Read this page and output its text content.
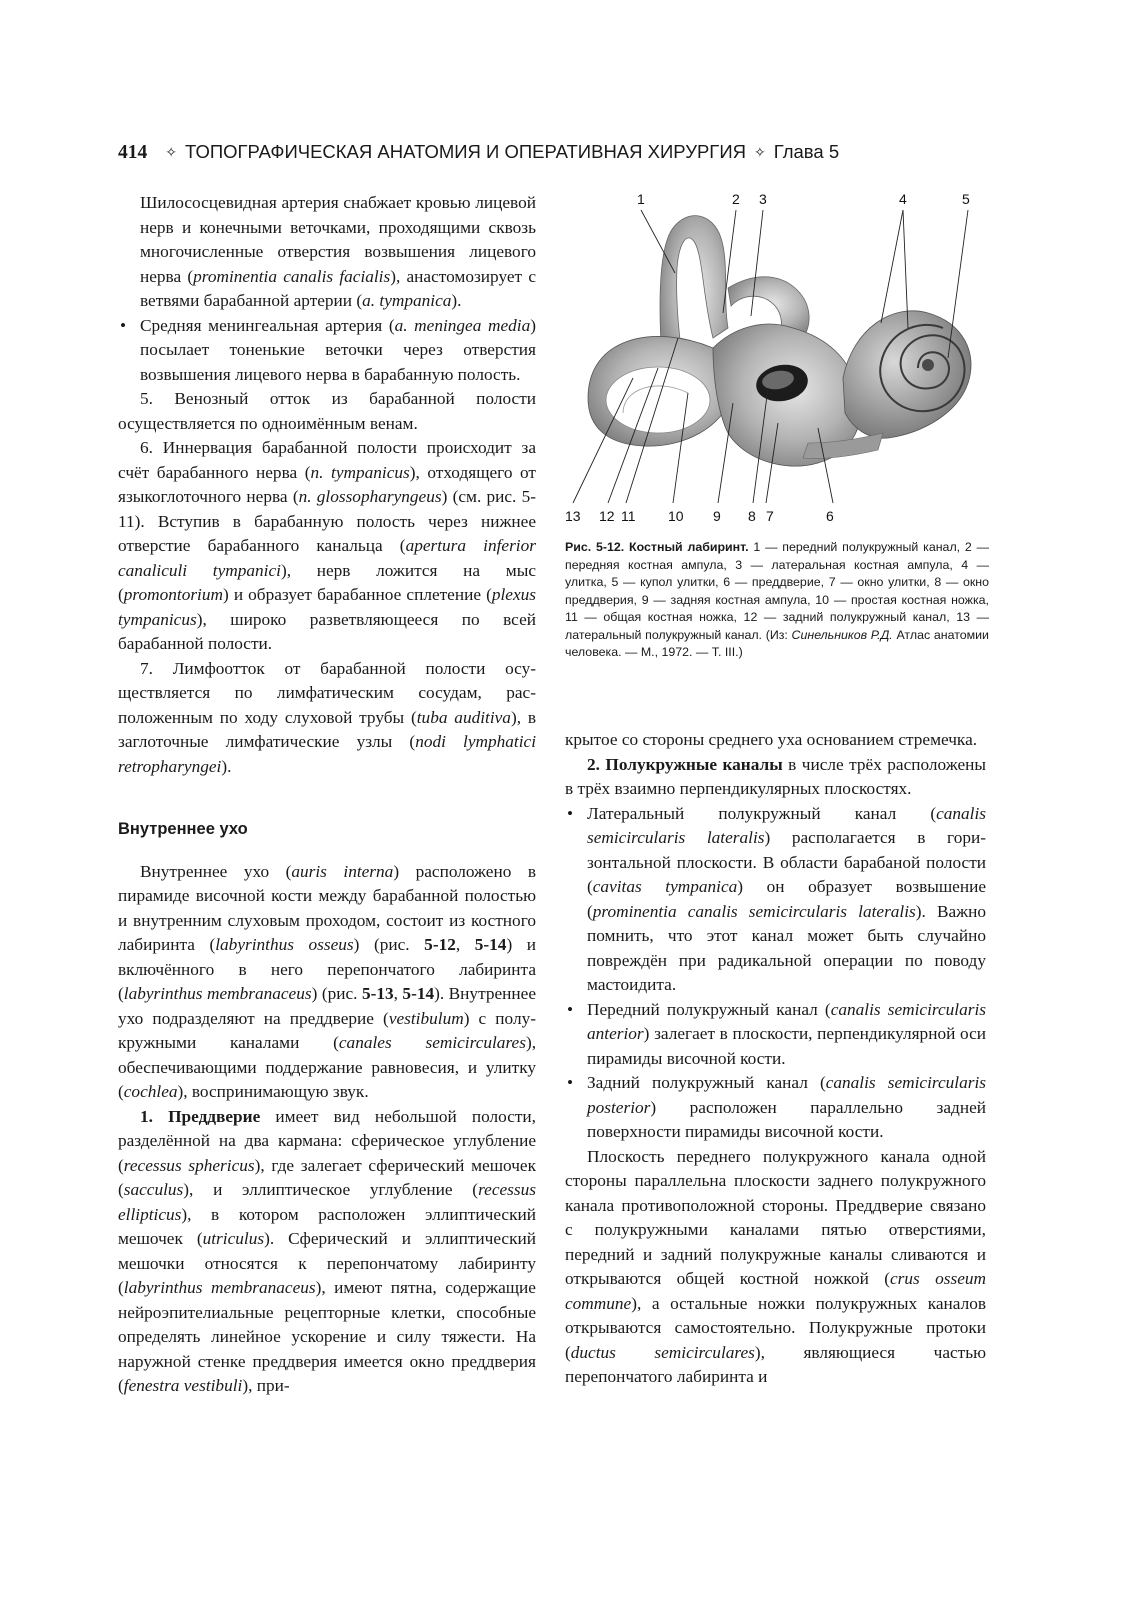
414 ✧ ТОПОГРАФИЧЕСКАЯ АНАТОМИЯ И ОПЕРАТИВНАЯ ХИРУРГИЯ ✧ Глава 5

Шилососцевидная артерия снабжает кровью лицевой нерв и конечными веточками, проходящими сквозь многочисленные отверстия возвышения лицевого нерва (prominentia canalis facialis), анастомозирует с ветвями барабанной артерии (a. tympanica).

• Средняя менингеальная артерия (a. meningea media) посылает тоненькие веточки через отверстия возвышения лицевого нерва в барабанную полость.

5. Венозный отток из барабанной полости осуществляется по одноимённым венам.

6. Иннервация барабанной полости происходит за счёт барабанного нерва (n. tympanicus), отходящего от языкоглоточного нерва (n. glossopharyngeus) (см. рис. 5-11). Вступив в барабанную полость через нижнее отверстие барабанного канальца (apertura inferior canaliculi tympanici), нерв ложится на мыс (promontorium) и образует барабанное сплетение (plexus tympanicus), широко разветвляющееся по всей барабанной полости.

7. Лимфоотток от барабанной полости осуществляется по лимфатическим сосудам, расположенным по ходу слуховой трубы (tuba auditiva), в заглоточные лимфатические узлы (nodi lymphatici retropharyngei).

Внутреннее ухо

Внутреннее ухо (auris interna) расположено в пирамиде височной кости между барабанной полостью и внутренним слуховым проходом, состоит из костного лабиринта (labyrinthus osseus) (рис. 5-12, 5-14) и включённого в него перепончатого лабиринта (labyrinthus membranaceus) (рис. 5-13, 5-14). Внутреннее ухо подразделяют на преддверие (vestibulum) с полукружными каналами (canales semicirculares), обеспечивающими поддержание равновесия, и улитку (cochlea), воспринимающую звук.

1. Преддверие имеет вид небольшой полости, разделённой на два кармана: сферическое углубление (recessus sphericus), где залегает сферический мешочек (sacculus), и эллиптическое углубление (recessus ellipticus), в котором расположен эллиптический мешочек (utriculus). Сферический и эллиптический мешочки относятся к перепончатому лабиринту (labyrinthus membranaceus), имеют пятна, содержащие нейроэпителиальные рецепторные клетки, способные определять линейное ускорение и силу тяжести. На наружной стенке преддверия имеется окно преддверия (fenestra vestibuli), при-

1	2 3	4	5
13 12 11 10 9 8 7	6
Рис. 5-12. Костный лабиринт. 1 — передний полукружный канал, 2 — передняя костная ампула, 3 — латеральная костная ампула, 4 — улитка, 5 — купол улитки, 6 — преддверие, 7 — окно улитки, 8 — окно преддверия, 9 — задняя костная ампула, 10 — простая костная ножка, 11 — общая костная ножка, 12 — задний полукружный канал, 13 — латеральный полукружный канал. (Из: Синельников Р.Д. Атлас анатомии человека. — М., 1972. — Т. III.)

крытое со стороны среднего уха основанием стремечка.

2. Полукружные каналы в числе трёх расположены в трёх взаимно перпендикулярных плоскостях.

• Латеральный полукружный канал (canalis semicircularis lateralis) располагается в горизонтальной плоскости. В области барабаной полости (cavitas tympanica) он образует возвышение (prominentia canalis semicircularis lateralis). Важно помнить, что этот канал может быть случайно повреждён при радикальной операции по поводу мастоидита.

• Передний полукружный канал (canalis semicircularis anterior) залегает в плоскости, перпендикулярной оси пирамиды височной кости.

• Задний полукружный канал (canalis semicircularis posterior) расположен параллельно задней поверхности пирамиды височной кости.

Плоскость переднего полукружного канала одной стороны параллельна плоскости заднего полукружного канала противоположной стороны. Преддверие связано с полукружными каналами пятью отверстиями, передний и задний полукружные каналы сливаются и открываются общей костной ножкой (crus osseum commune), а остальные ножки полукружных каналов открываются самостоятельно. Полукружные протоки (ductus semicirculares), являющиеся частью перепончатого лабиринта и
